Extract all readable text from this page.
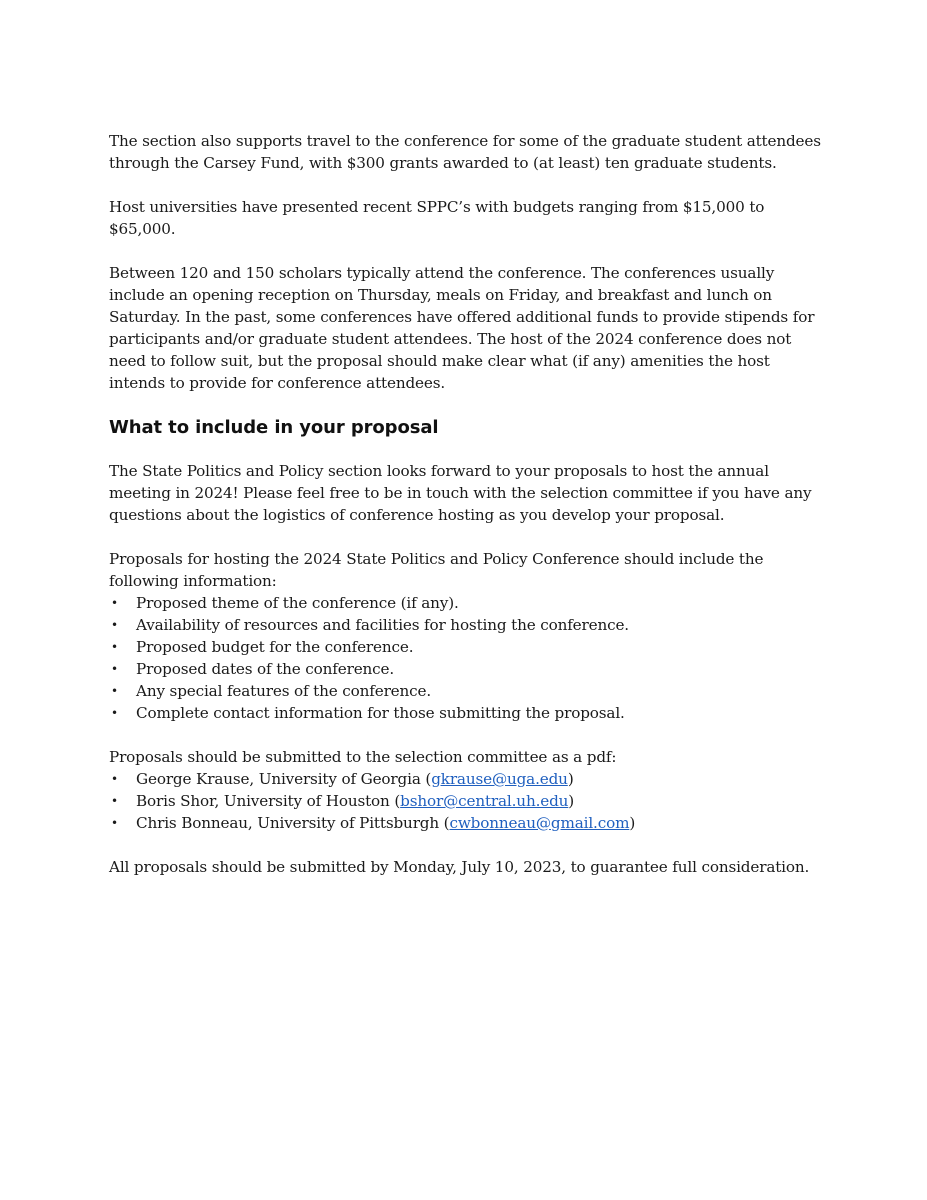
The section also supports travel to the conference for some of the graduate student attendees through the Carsey Fund, with $300 grants awarded to (at least) ten graduate students.

Host universities have presented recent SPPC’s with budgets ranging from $15,000 to $65,000.

Between 120 and 150 scholars typically attend the conference. The conferences usually include an opening reception on Thursday, meals on Friday, and breakfast and lunch on Saturday. In the past, some conferences have offered additional funds to provide stipends for participants and/or graduate student attendees. The host of the 2024 conference does not need to follow suit, but the proposal should make clear what (if any) amenities the host intends to provide for conference attendees.

What to include in your proposal

The State Politics and Policy section looks forward to your proposals to host the annual meeting in 2024! Please feel free to be in touch with the selection committee if you have any questions about the logistics of conference hosting as you develop your proposal.

Proposals for hosting the 2024 State Politics and Policy Conference should include the following information:

• Proposed theme of the conference (if any).
• Availability of resources and facilities for hosting the conference.
• Proposed budget for the conference.
• Proposed dates of the conference.
• Any special features of the conference.
• Complete contact information for those submitting the proposal.

Proposals should be submitted to the selection committee as a pdf:

• George Krause, University of Georgia (gkrause@uga.edu)
• Boris Shor, University of Houston (bshor@central.uh.edu)
• Chris Bonneau, University of Pittsburgh (cwbonneau@gmail.com)

All proposals should be submitted by Monday, July 10, 2023, to guarantee full consideration.
